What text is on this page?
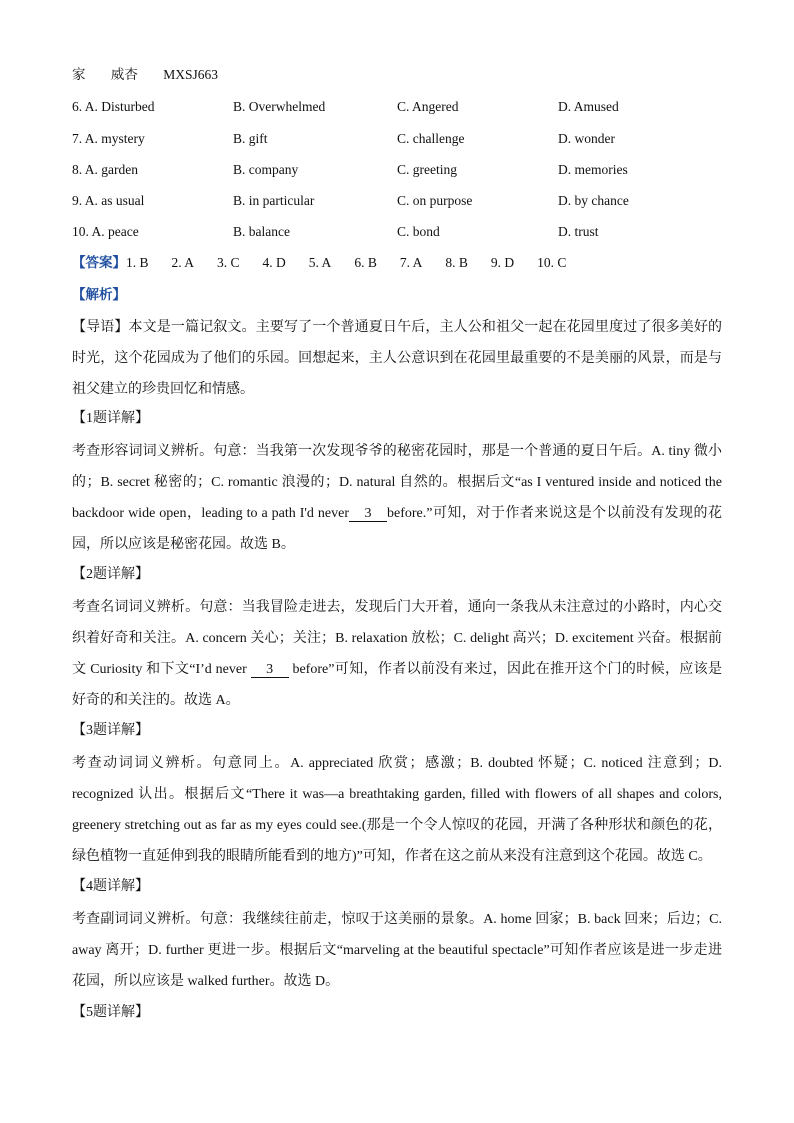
家 威杏 MXSJ663
6. A. Disturbed	B. Overwhelmed	C. Angered	D. Amused
7. A. mystery	B. gift	C. challenge	D. wonder
8. A. garden	B. company	C. greeting	D. memories
9. A. as usual	B. in particular	C. on purpose	D. by chance
10. A. peace	B. balance	C. bond	D. trust
【答案】1. B 2. A 3. C 4. D 5. A 6. B 7. A 8. B 9. D 10. C
【解析】
【导语】本文是一篇记叙文。主要写了一个普通夏日午后，主人公和祖父一起在花园里度过了很多美好的时光，这个花园成为了他们的乐园。回想起来，主人公意识到在花园里最重要的不是美丽的风景，而是与祖父建立的珍贵回忆和情感。
【1题详解】
考查形容词词义辨析。句意：当我第一次发现爷爷的秘密花园时，那是一个普通的夏日午后。A. tiny 微小的；B. secret 秘密的；C. romantic 浪漫的；D. natural 自然的。根据后文“as I ventured inside and noticed the backdoor wide open，leading to a path I'd never 3 before.”可知，对于作者来说这是个以前没有发现的花园，所以应该是秘密花园。故选 B。
【2题详解】
考查名词词义辨析。句意：当我冒险走进去，发现后门大开着，通向一条我从未注意过的小路时，内心交织着好奇和关注。A. concern 关心；关注；B. relaxation 放松；C. delight 高兴；D. excitement 兴奋。根据前文 Curiosity 和下文“I’d never 3 before”可知，作者以前没有来过，因此在推开这个门的时候，应该是好奇的和关注的。故选 A。
【3题详解】
考查动词词义辨析。句意同上。A. appreciated 欣赏；感激；B. doubted 怀疑；C. noticed 注意到；D. recognized 认出。根据后文“There it was—a breathtaking garden, filled with flowers of all shapes and colors, greenery stretching out as far as my eyes could see.(那是一个令人惊叹的花园，开满了各种形状和颜色的花，绿色植物一直延伸到我的眼睛所能看到的地方)”可知，作者在这之前从来没有注意到这个花园。故选 C。
【4题详解】
考查副词词义辨析。句意：我继续往前走，惊叹于这美丽的景象。A. home 回家；B. back 回来；后边；C. away 离开；D. further 更进一步。根据后文“marveling at the beautiful spectacle”可知作者应该是进一步走进花园，所以应该是 walked further。故选 D。
【5题详解】
